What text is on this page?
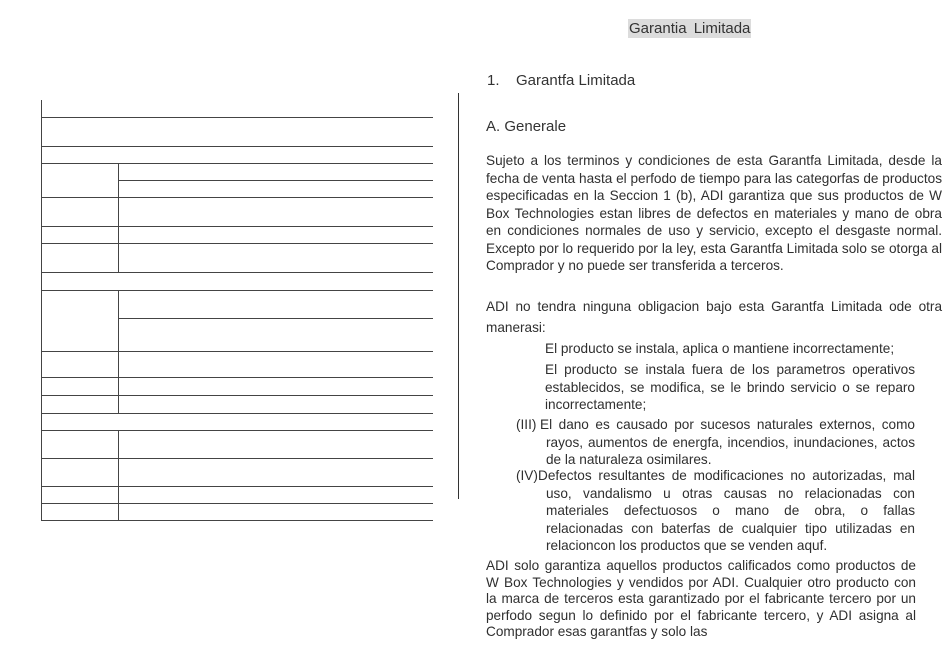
Garantia Limitada
1. Garantfa Limitada
A. Generale

Sujeto a los terminos y condiciones de esta Garantfa Limitada, desde la fecha de venta hasta el perfodo de tiempo para las categorfas de productos especificadas en la Seccion 1 (b), ADI garantiza que sus productos de W Box Technologies estan libres de defectos en materiales y mano de obra en condiciones normales de uso y servicio, excepto el desgaste normal. Excepto por lo requerido por la ley, esta Garantfa Limitada solo se otorga al Comprador y no puede ser transferida a terceros.

ADI no tendra ninguna obligacion bajo esta Garantfa Limitada ode otra manerasi:

El producto se instala, aplica o mantiene incorrectamente;

El producto se instala fuera de los parametros operativos establecidos, se modifica, se le brindo servicio o se reparo incorrectamente;

(III) El dano es causado por sucesos naturales externos, como rayos, aumentos de energfa, incendios, inundaciones, actos de la naturaleza osimilares.

(IV) Defectos resultantes de modificaciones no autorizadas, mal uso, vandalismo u otras causas no relacionadas con materiales defectuosos o mano de obra, o fallas relacionadas con baterfas de cualquier tipo utilizadas en relacioncon los productos que se venden aquf.

ADI solo garantiza aquellos productos calificados como productos de W Box Technologies y vendidos por ADI. Cualquier otro producto con la marca de terceros esta garantizado por el fabricante tercero por un perfodo segun lo definido por el fabricante tercero, y ADI asigna al Comprador esas garantfas y solo las
